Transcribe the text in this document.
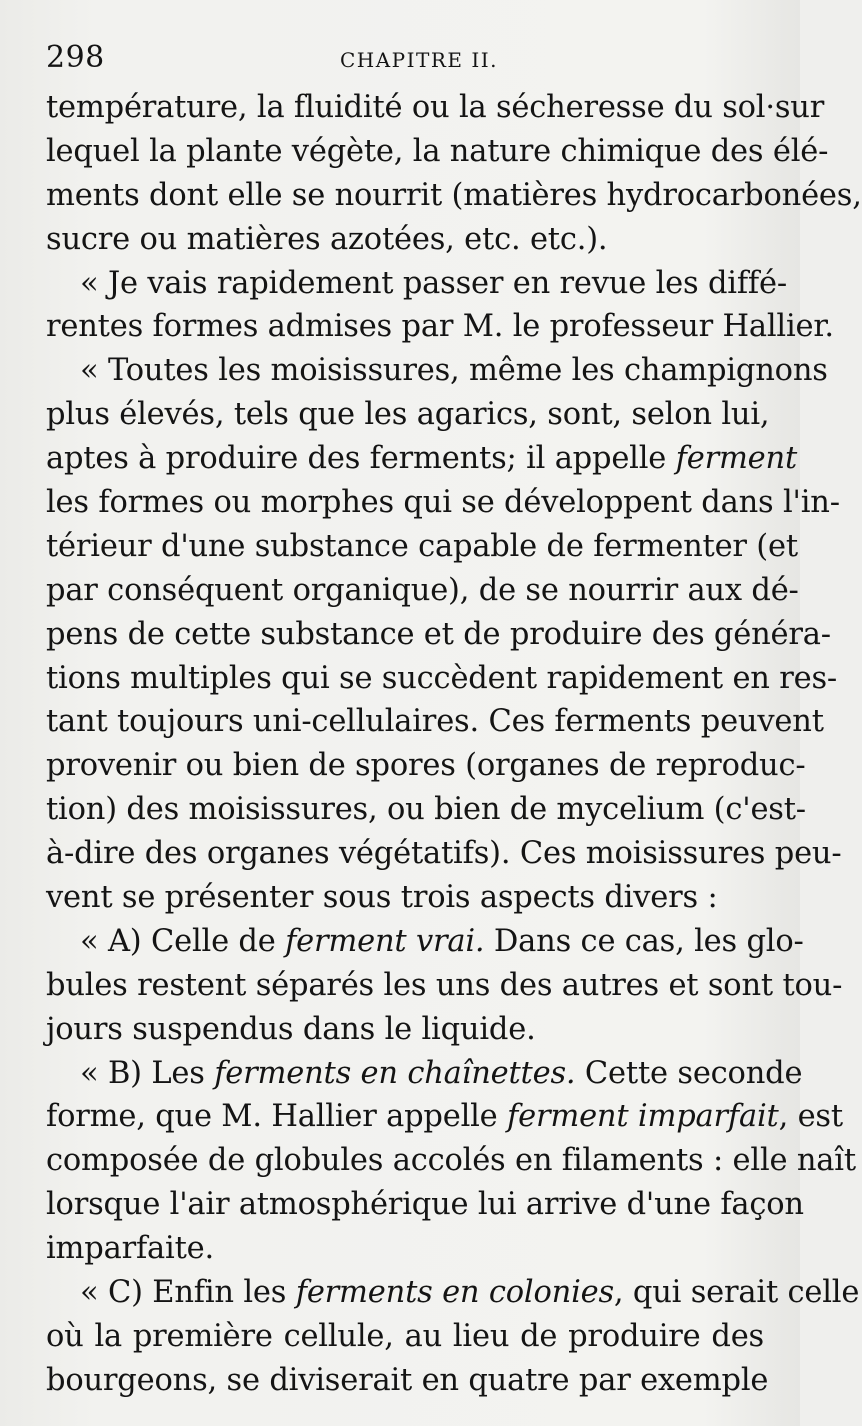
298	CHAPITRE II.
température, la fluidité ou la sécheresse du sol·sur
lequel la plante végète, la nature chimique des élé-
ments dont elle se nourrit (matières hydrocarbonées,
sucre ou matières azotées, etc. etc.).
« Je vais rapidement passer en revue les diffé-
rentes formes admises par M. le professeur Hallier.
« Toutes les moisissures, même les champignons
plus élevés, tels que les agarics, sont, selon lui,
aptes à produire des ferments; il appelle ferment
les formes ou morphes qui se développent dans l'in-
térieur d'une substance capable de fermenter (et
par conséquent organique), de se nourrir aux dé-
pens de cette substance et de produire des généra-
tions multiples qui se succèdent rapidement en res-
tant toujours uni-cellulaires. Ces ferments peuvent
provenir ou bien de spores (organes de reproduc-
tion) des moisissures, ou bien de mycelium (c'est-
à-dire des organes végétatifs). Ces moisissures peu-
vent se présenter sous trois aspects divers :
« A) Celle de ferment vrai. Dans ce cas, les glo-
bules restent séparés les uns des autres et sont tou-
jours suspendus dans le liquide.
« B) Les ferments en chaînettes. Cette seconde
forme, que M. Hallier appelle ferment imparfait, est
composée de globules accolés en filaments : elle naît
lorsque l'air atmosphérique lui arrive d'une façon
imparfaite.
« C) Enfin les ferments en colonies, qui serait celle
où la première cellule, au lieu de produire des
bourgeons, se diviserait en quatre par exemple
